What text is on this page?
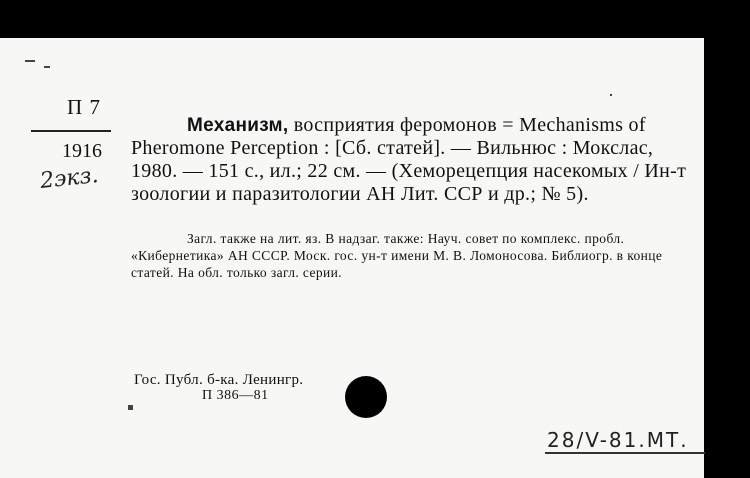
П 7
1916
2экз.
Механизм, восприятия феромонов = Mechanisms of Pheromone Perception : [Сб. статей]. — Вильнюс : Мокслас, 1980. — 151 с., ил.; 22 см. — (Хеморецепция насекомых / Ин-т зоологии и паразитологии АН Лит. ССР и др.; № 5).
Загл. также на лит. яз. В надзаг. также: Науч. совет по комплекс. пробл. «Кибернетика» АН СССР. Моск. гос. ун-т имени М. В. Ломоносова. Библиогр. в конце статей. На обл. только загл. серии.
Гос. Публ. б-ка. Ленингр.
П 386—81
28/V-81.МТ.
